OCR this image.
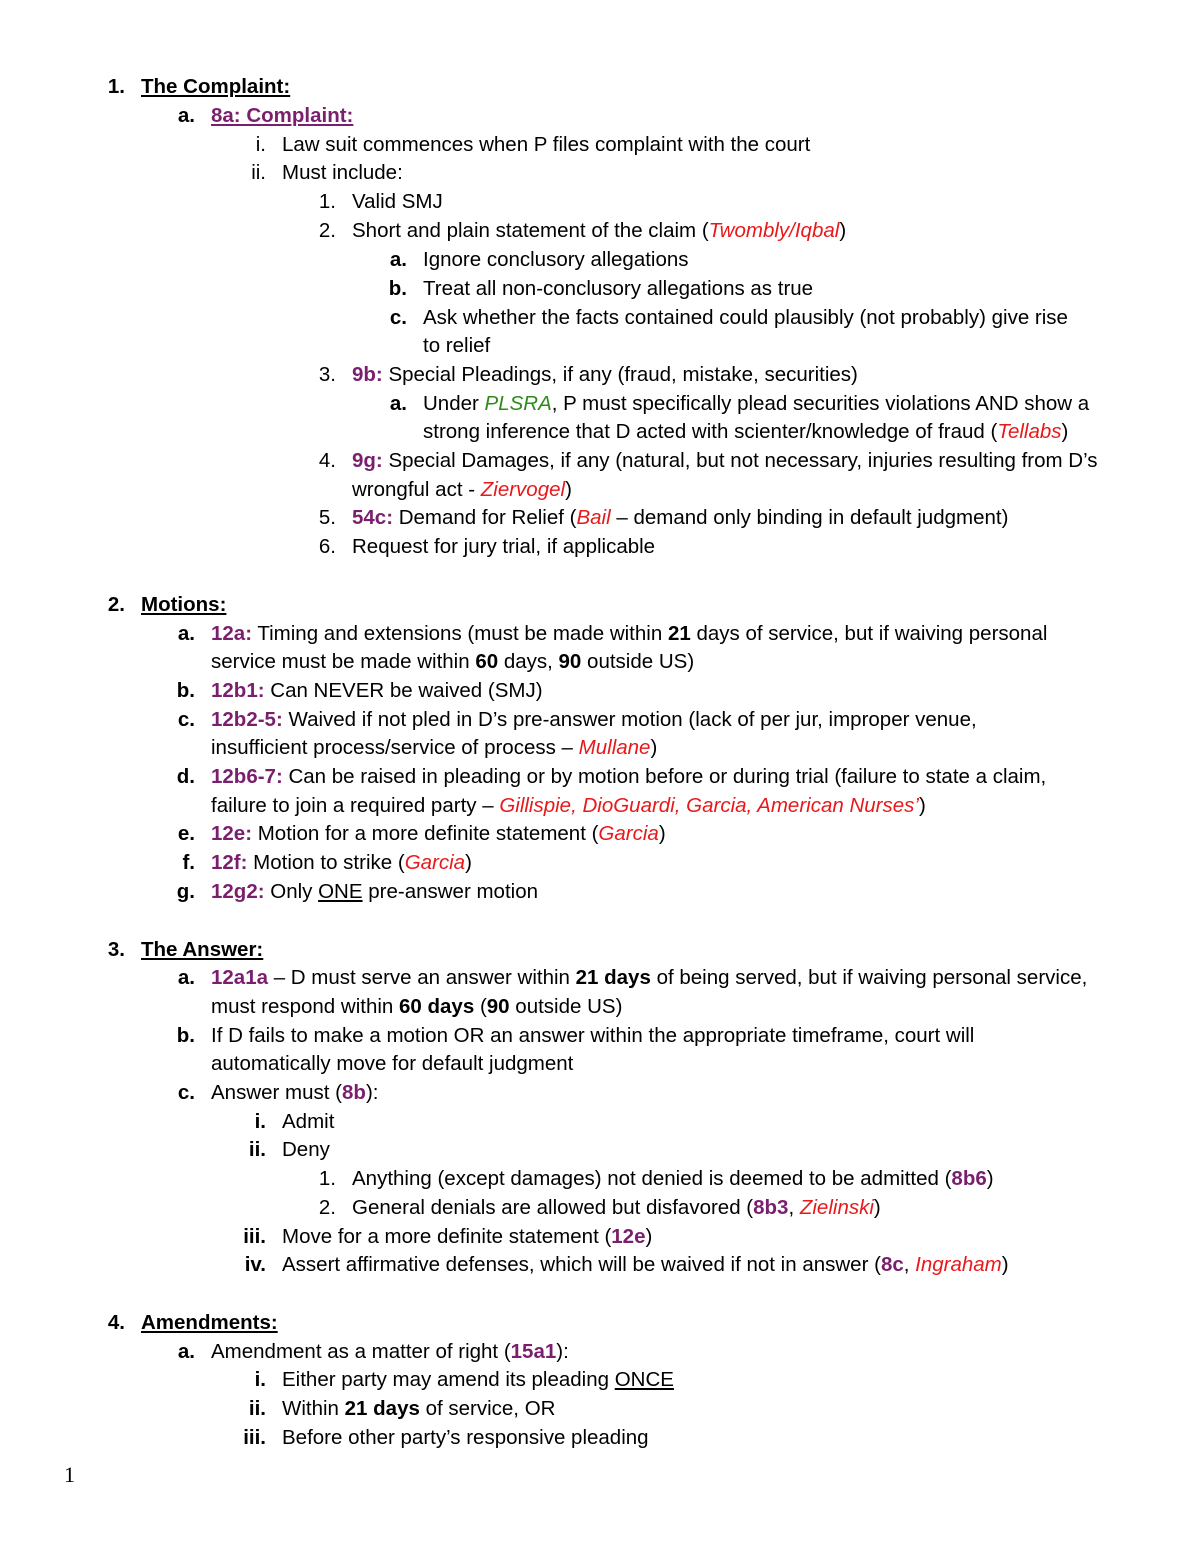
1. The Complaint:
a. 8a: Complaint:
i. Law suit commences when P files complaint with the court
ii. Must include:
1. Valid SMJ
2. Short and plain statement of the claim (Twombly/Iqbal)
a. Ignore conclusory allegations
b. Treat all non-conclusory allegations as true
c. Ask whether the facts contained could plausibly (not probably) give rise
to relief
3. 9b: Special Pleadings, if any (fraud, mistake, securities)
a. Under PLSRA, P must specifically plead securities violations AND show a
strong inference that D acted with scienter/knowledge of fraud (Tellabs)
4. 9g: Special Damages, if any (natural, but not necessary, injuries resulting from D’s
wrongful act - Ziervogel)
5. 54c: Demand for Relief (Bail – demand only binding in default judgment)
6. Request for jury trial, if applicable
2. Motions:
a. 12a: Timing and extensions (must be made within 21 days of service, but if waiving personal
service must be made within 60 days, 90 outside US)
b. 12b1: Can NEVER be waived (SMJ)
c. 12b2-5: Waived if not pled in D’s pre-answer motion (lack of per jur, improper venue,
insufficient process/service of process – Mullane)
d. 12b6-7: Can be raised in pleading or by motion before or during trial (failure to state a claim,
failure to join a required party – Gillispie, DioGuardi, Garcia, American Nurses’)
e. 12e: Motion for a more definite statement (Garcia)
f. 12f: Motion to strike (Garcia)
g. 12g2: Only ONE pre-answer motion
3. The Answer:
a. 12a1a – D must serve an answer within 21 days of being served, but if waiving personal service,
must respond within 60 days (90 outside US)
b. If D fails to make a motion OR an answer within the appropriate timeframe, court will
automatically move for default judgment
c. Answer must (8b):
i. Admit
ii. Deny
1. Anything (except damages) not denied is deemed to be admitted (8b6)
2. General denials are allowed but disfavored (8b3, Zielinski)
iii. Move for a more definite statement (12e)
iv. Assert affirmative defenses, which will be waived if not in answer (8c, Ingraham)
4. Amendments:
a. Amendment as a matter of right (15a1):
i. Either party may amend its pleading ONCE
ii. Within 21 days of service, OR
iii. Before other party’s responsive pleading
1
